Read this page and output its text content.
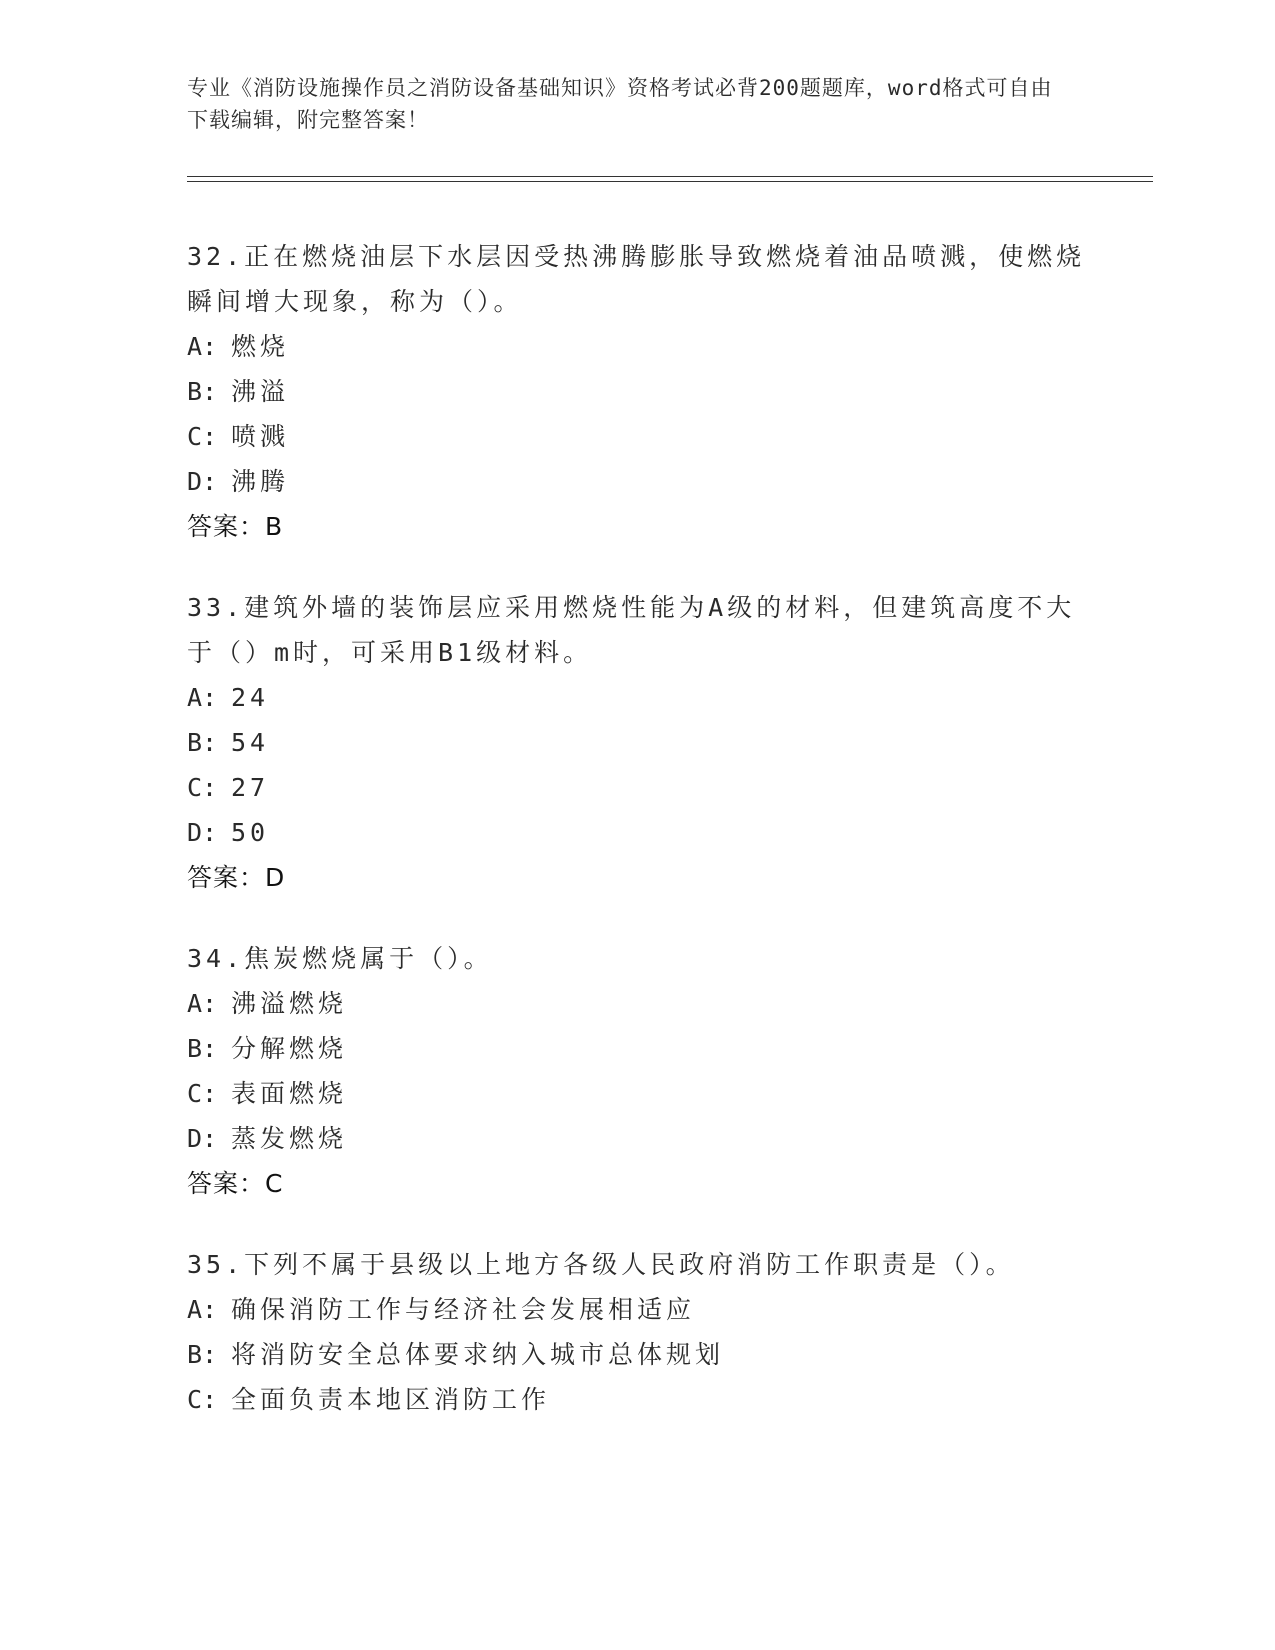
专业《消防设施操作员之消防设备基础知识》资格考试必背200题题库，word格式可自由下载编辑，附完整答案！
32.正在燃烧油层下水层因受热沸腾膨胀导致燃烧着油品喷溅，使燃烧瞬间增大现象，称为（）。
A: 燃烧
B: 沸溢
C: 喷溅
D: 沸腾
答案：B
33.建筑外墙的装饰层应采用燃烧性能为A级的材料，但建筑高度不大于（）m时，可采用B1级材料。
A: 24
B: 54
C: 27
D: 50
答案：D
34.焦炭燃烧属于（）。
A: 沸溢燃烧
B: 分解燃烧
C: 表面燃烧
D: 蒸发燃烧
答案：C
35.下列不属于县级以上地方各级人民政府消防工作职责是（）。
A: 确保消防工作与经济社会发展相适应
B: 将消防安全总体要求纳入城市总体规划
C: 全面负责本地区消防工作
